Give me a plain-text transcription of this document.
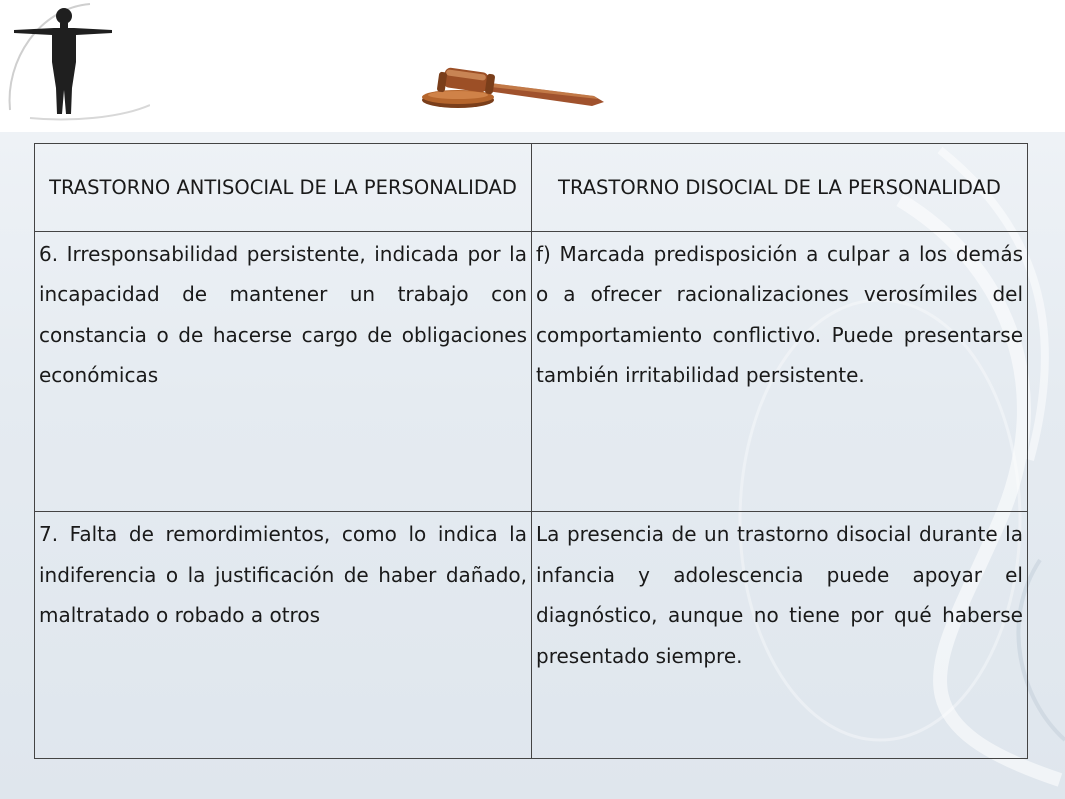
TRASTORNO ANTISOCIAL DE LA PERSONALIDAD	TRASTORNO DISOCIAL DE LA PERSONALIDAD

6. Irresponsabilidad persistente, indicada por la incapacidad de mantener un trabajo con constancia o de hacerse cargo de obligaciones económicas	f) Marcada predisposición a culpar a los demás o a ofrecer racionalizaciones verosímiles del comportamiento conflictivo. Puede presentarse también irritabilidad persistente.

7. Falta de remordimientos, como lo indica la indiferencia o la justificación de haber dañado, maltratado o robado a otros	La presencia de un trastorno disocial durante la infancia y adolescencia puede apoyar el diagnóstico, aunque no tiene por qué haberse presentado siempre.
